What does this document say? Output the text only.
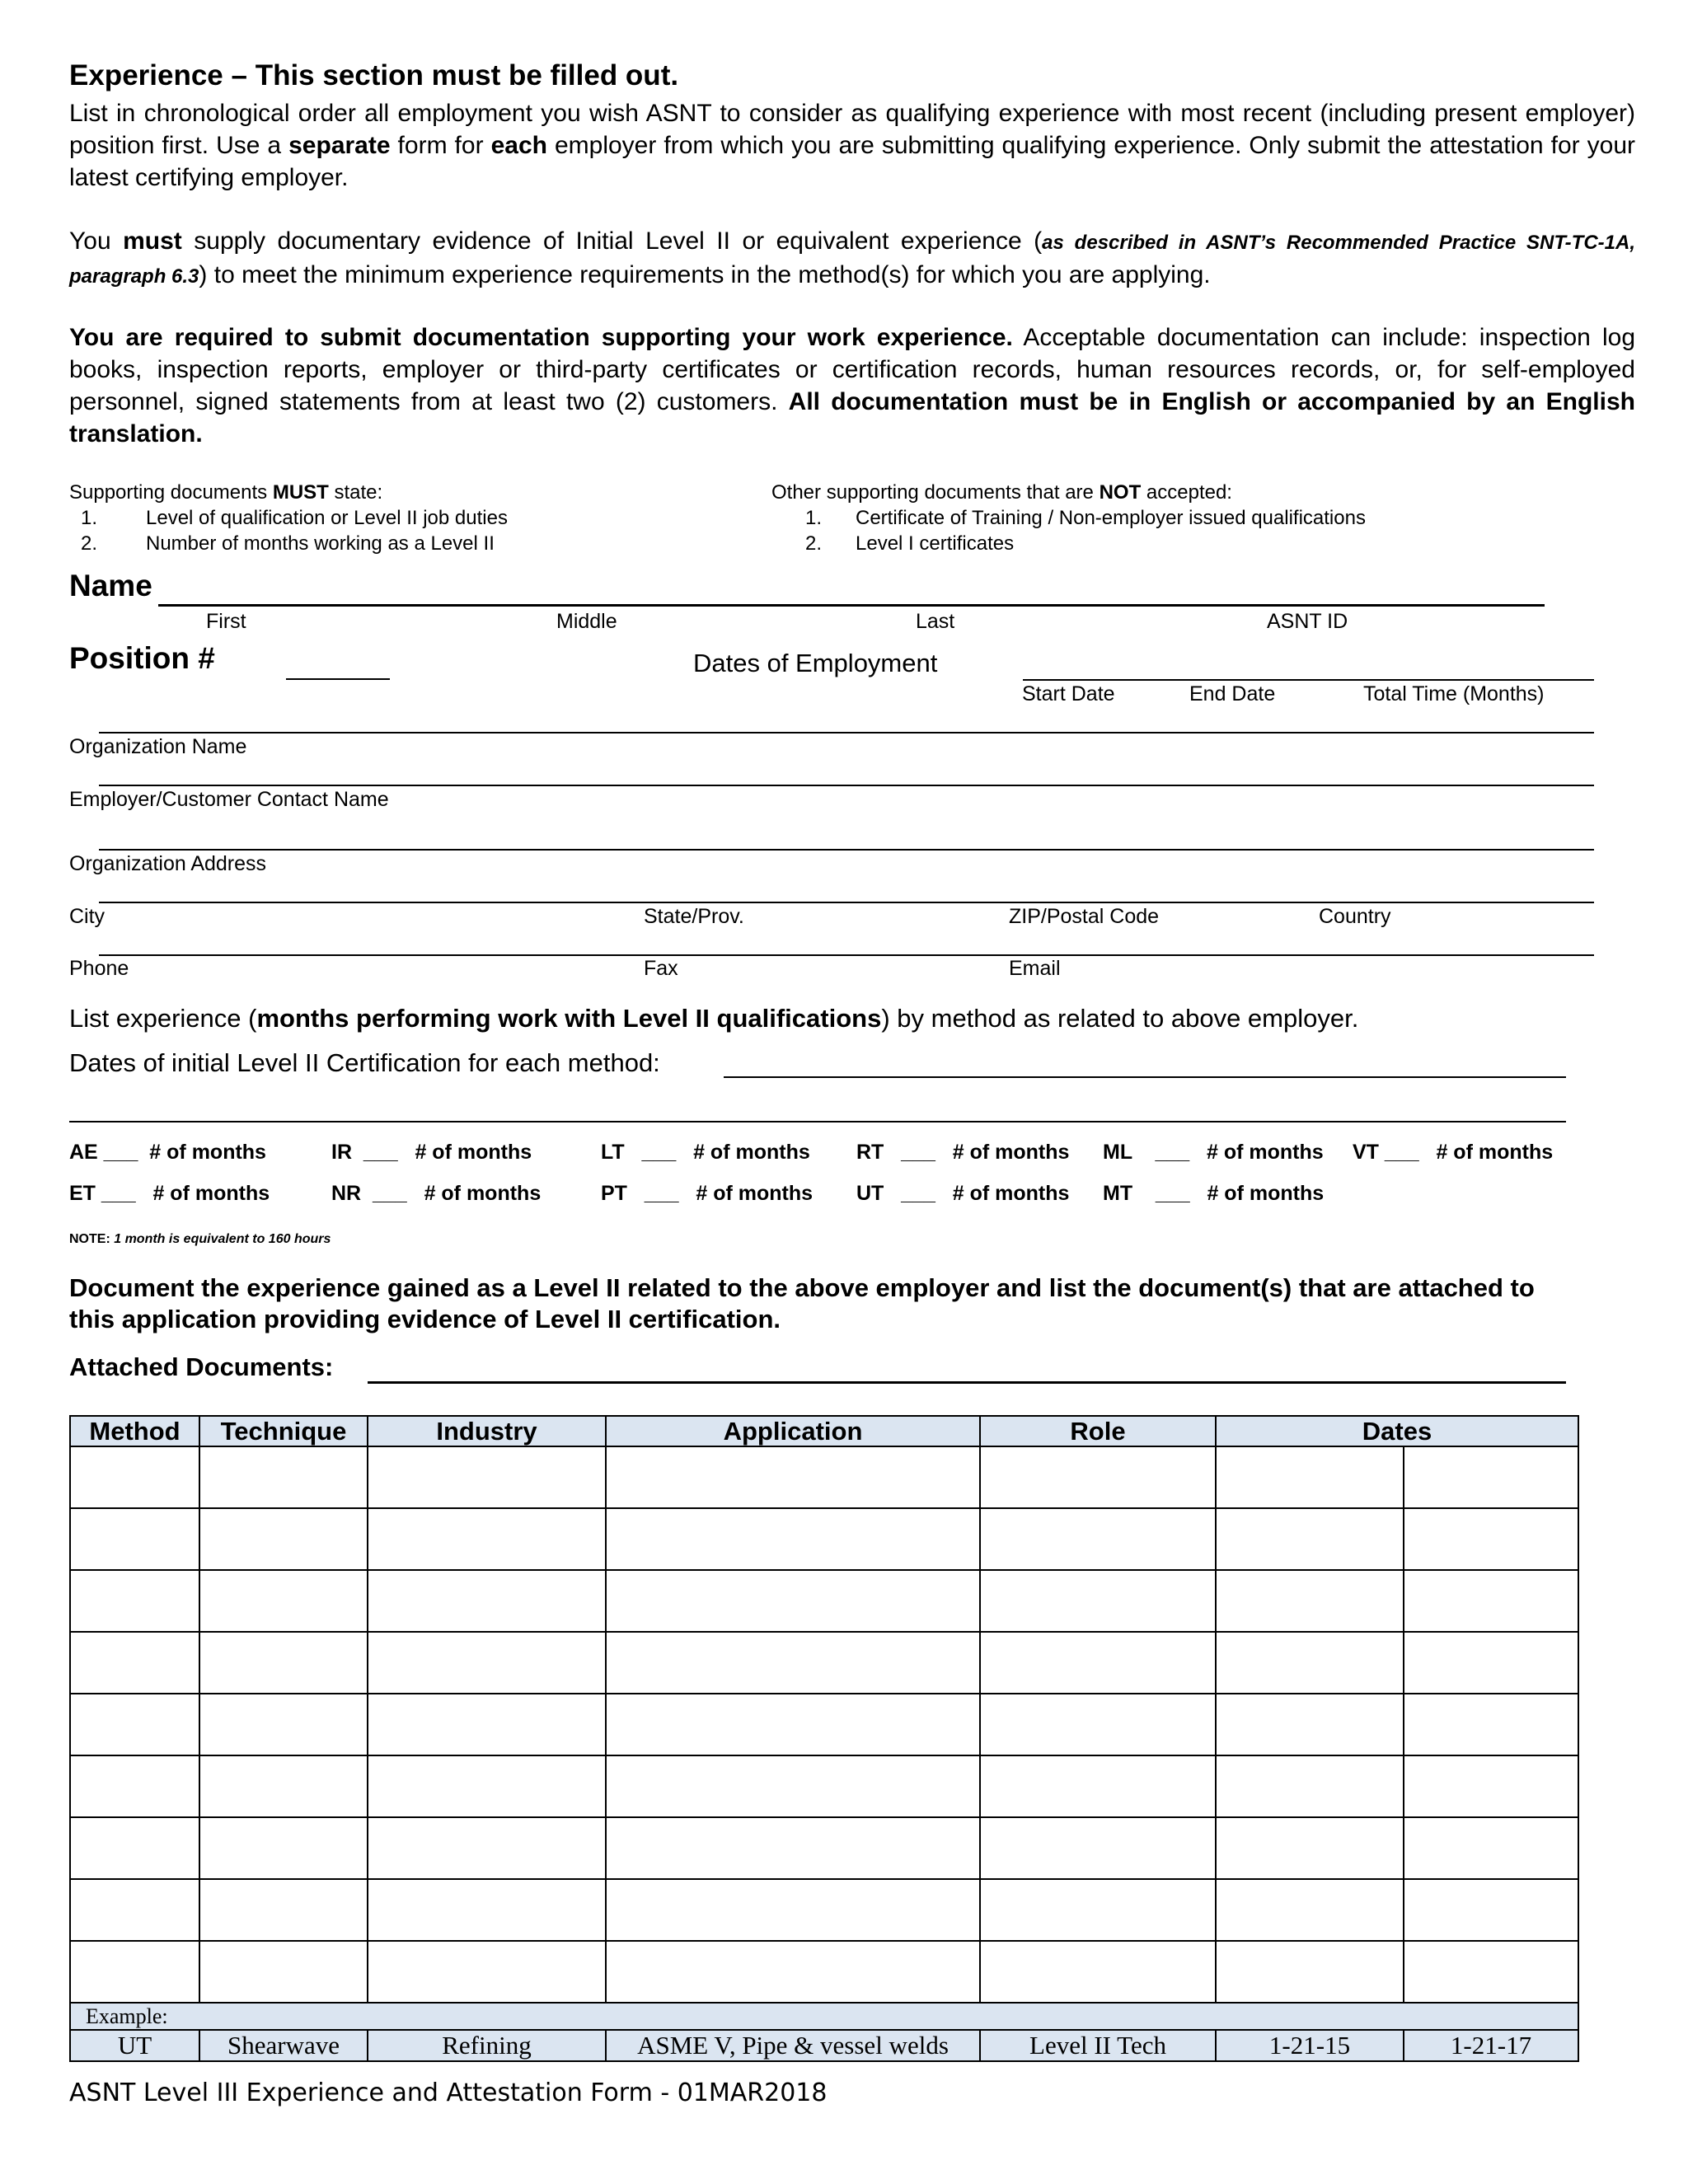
Experience – This section must be filled out.
List in chronological order all employment you wish ASNT to consider as qualifying experience with most recent (including present employer) position first. Use a separate form for each employer from which you are submitting qualifying experience. Only submit the attestation for your latest certifying employer.
You must supply documentary evidence of Initial Level II or equivalent experience (as described in ASNT’s Recommended Practice SNT-TC-1A, paragraph 6.3) to meet the minimum experience requirements in the method(s) for which you are applying.
You are required to submit documentation supporting your work experience. Acceptable documentation can include: inspection log books, inspection reports, employer or third-party certificates or certification records, human resources records, or, for self-employed personnel, signed statements from at least two (2) customers. All documentation must be in English or accompanied by an English translation.
Supporting documents MUST state:
1. Level of qualification or Level II job duties
2. Number of months working as a Level II
Other supporting documents that are NOT accepted:
1. Certificate of Training / Non-employer issued qualifications
2. Level I certificates
Name
First	Middle	Last	ASNT ID
Position #	Dates of Employment
Start Date	End Date	Total Time (Months)
Organization Name
Employer/Customer Contact Name
Organization Address
City	State/Prov.	ZIP/Postal Code	Country
Phone	Fax	Email
List experience (months performing work with Level II qualifications) by method as related to above employer.
Dates of initial Level II Certification for each method:
AE ___  # of months	IR  ___   # of months	LT   ___   # of months RT   ___   # of months ML    ___   # of months VT ___   # of months
ET ___   # of months	NR  ___   # of months	PT   ___   # of months UT   ___   # of months MT    ___   # of months
NOTE: 1 month is equivalent to 160 hours
Document the experience gained as a Level II related to the above employer and list the document(s) that are attached to this application providing evidence of Level II certification.
Attached Documents:
Method	Technique	Industry	Application	Role	Dates	

Example:						
UT	Shearwave	Refining	ASME V, Pipe & vessel welds	Level II Tech	1-21-15	1-21-17
ASNT Level III Experience and Attestation Form - 01MAR2018
